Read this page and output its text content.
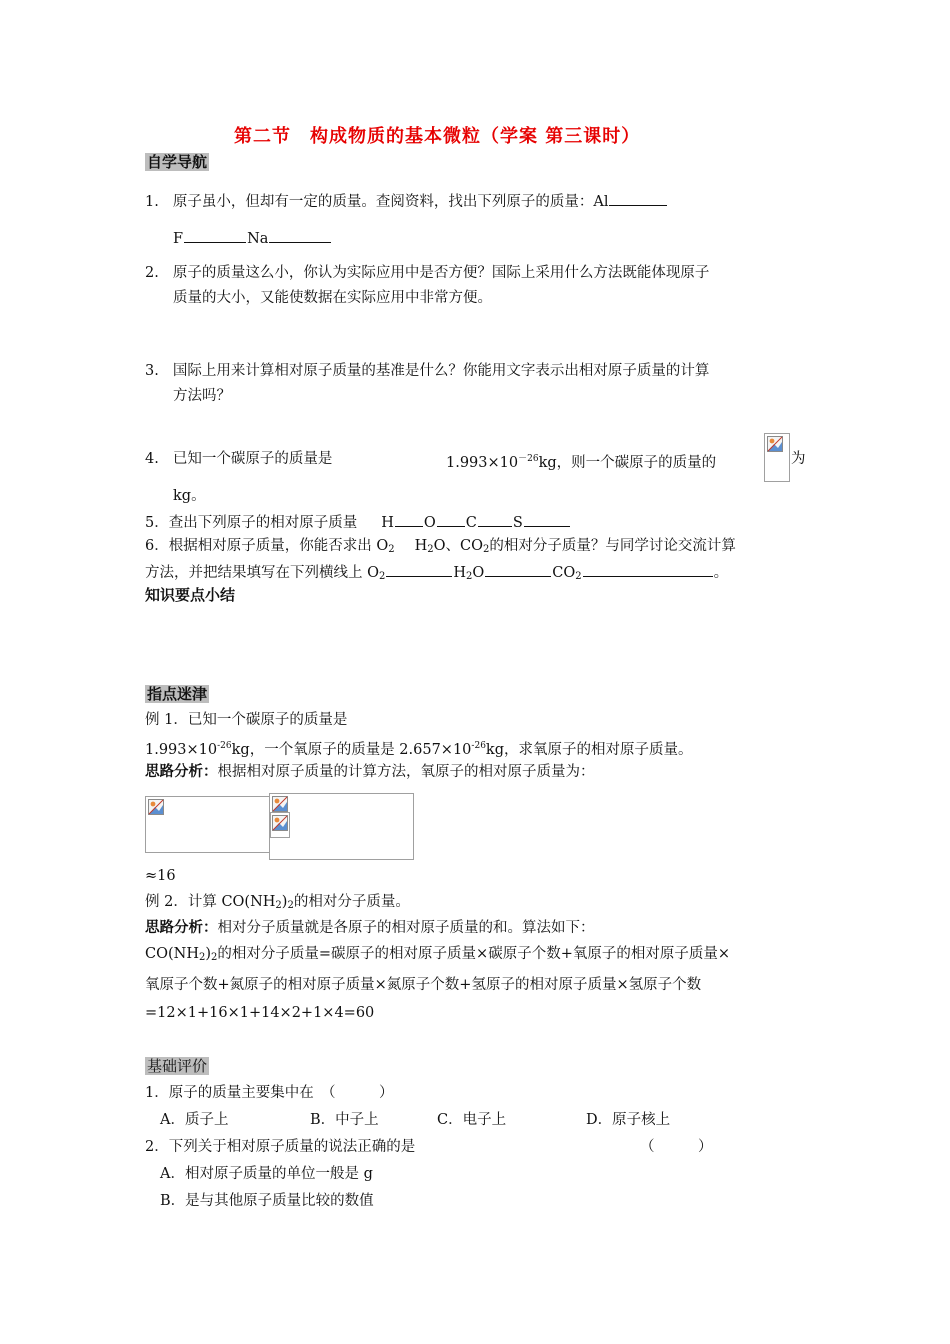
第二节　构成物质的基本微粒（学案 第三课时）
自学导航
1. 原子虽小，但却有一定的质量。查阅资料，找出下列原子的质量：Al
F	Na
2. 原子的质量这么小，你认为实际应用中是否方便？国际上采用什么方法既能体现原子
质量的大小，又能使数据在实际应用中非常方便。
3. 国际上用来计算相对原子质量的基准是什么？你能用文字表示出相对原子质量的计算
方法吗？
4. 已知一个碳原子的质量是	$1.993\times 10^{-26}kg$，则一个碳原子的质量的	为
kg。
5．查出下列原子的相对原子质量 H O C S
6．根据相对原子质量，你能否求出 $O_2$ $H_2O$、$CO_2$的相对分子质量？与同学讨论交流计算
方法，并把结果填写在下列横线上 $O_2$	$H_2O$	$CO_2$	。
知识要点小结
指点迷津
例 1．已知一个碳原子的质量是
$1.993\times 10^{-26}kg$，一个氧原子的质量是 $2.657\times 10^{-26}kg$，求氧原子的相对原子质量。
思路分析：根据相对原子质量的计算方法，氧原子的相对原子质量为：
≈16
例 2．计算 $CO(NH_2)_2$的相对分子质量。
思路分析：相对分子质量就是各原子的相对原子质量的和。算法如下：
$CO(NH_2)_2$的相对分子质量=碳原子的相对原子质量×碳原子个数+氧原子的相对原子质量×
氧原子个数+氮原子的相对原子质量×氮原子个数+氢原子的相对原子质量×氢原子个数
=12×1+16×1+14×2+1×4=60
基础评价
1．原子的质量主要集中在　（　　　）
A．质子上	B．中子上	C．电子上	D．原子核上
2．下列关于相对原子质量的说法正确的是	（　　　）
A．相对原子质量的单位一般是 g
B．是与其他原子质量比较的数值
